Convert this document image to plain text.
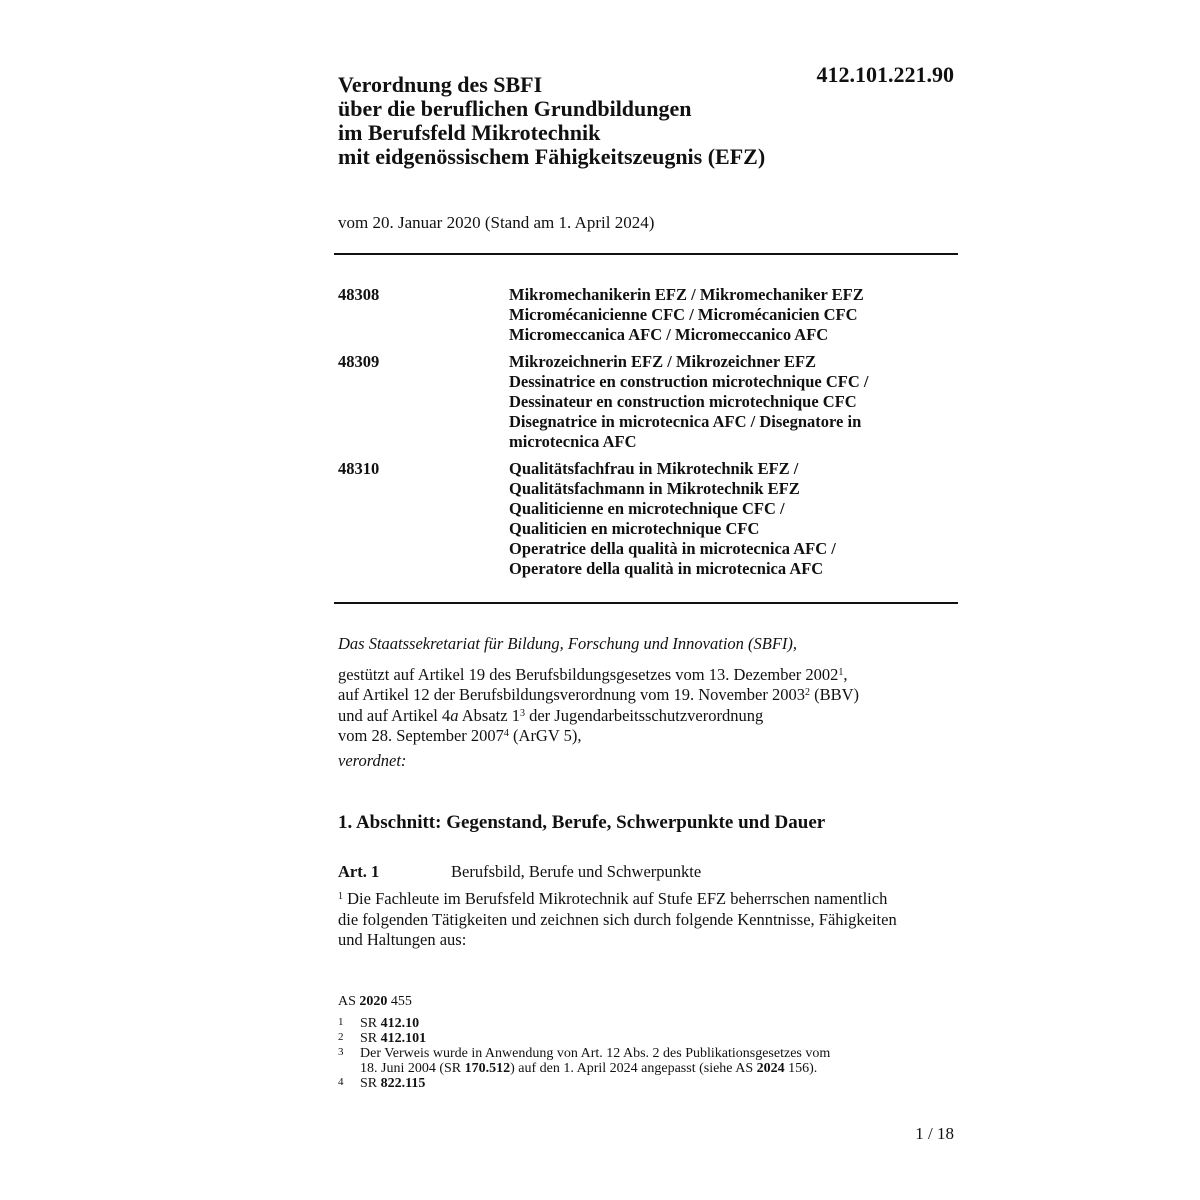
412.101.221.90
Verordnung des SBFI
über die beruflichen Grundbildungen
im Berufsfeld Mikrotechnik
mit eidgenössischem Fähigkeitszeugnis (EFZ)
vom 20. Januar 2020 (Stand am 1. April 2024)
48308	Mikromechanikerin EFZ / Mikromechaniker EFZ
Micromécanicienne CFC / Micromécanicien CFC
Micromeccanica AFC / Micromeccanico AFC
48309	Mikrozeichnerin EFZ / Mikrozeichner EFZ
Dessinatrice en construction microtechnique CFC /
Dessinateur en construction microtechnique CFC
Disegnatrice in microtecnica AFC / Disegnatore in
microtecnica AFC
48310	Qualitätsfachfrau in Mikrotechnik EFZ /
Qualitätsfachmann in Mikrotechnik EFZ
Qualiticienne en microtechnique CFC /
Qualiticien en microtechnique CFC
Operatrice della qualità in microtecnica AFC /
Operatore della qualità in microtecnica AFC
Das Staatssekretariat für Bildung, Forschung und Innovation (SBFI),
gestützt auf Artikel 19 des Berufsbildungsgesetzes vom 13. Dezember 2002$^1$,
auf Artikel 12 der Berufsbildungsverordnung vom 19. November 2003$^2$ (BBV)
und auf Artikel 4a Absatz $1^3$ der Jugendarbeitsschutzverordnung
vom 28. September 2007$^4$ (ArGV 5),
verordnet:
1. Abschnitt: Gegenstand, Berufe, Schwerpunkte und Dauer
Art. 1	Berufsbild, Berufe und Schwerpunkte
$^1$ Die Fachleute im Berufsfeld Mikrotechnik auf Stufe EFZ beherrschen namentlich
die folgenden Tätigkeiten und zeichnen sich durch folgende Kenntnisse, Fähigkeiten
und Haltungen aus:
AS 2020 455
1	SR 412.10
2	SR 412.101
3	Der Verweis wurde in Anwendung von Art. 12 Abs. 2 des Publikationsgesetzes vom
18. Juni 2004 (SR 170.512) auf den 1. April 2024 angepasst (siehe AS 2024 156).
4	SR 822.115
1 / 18
